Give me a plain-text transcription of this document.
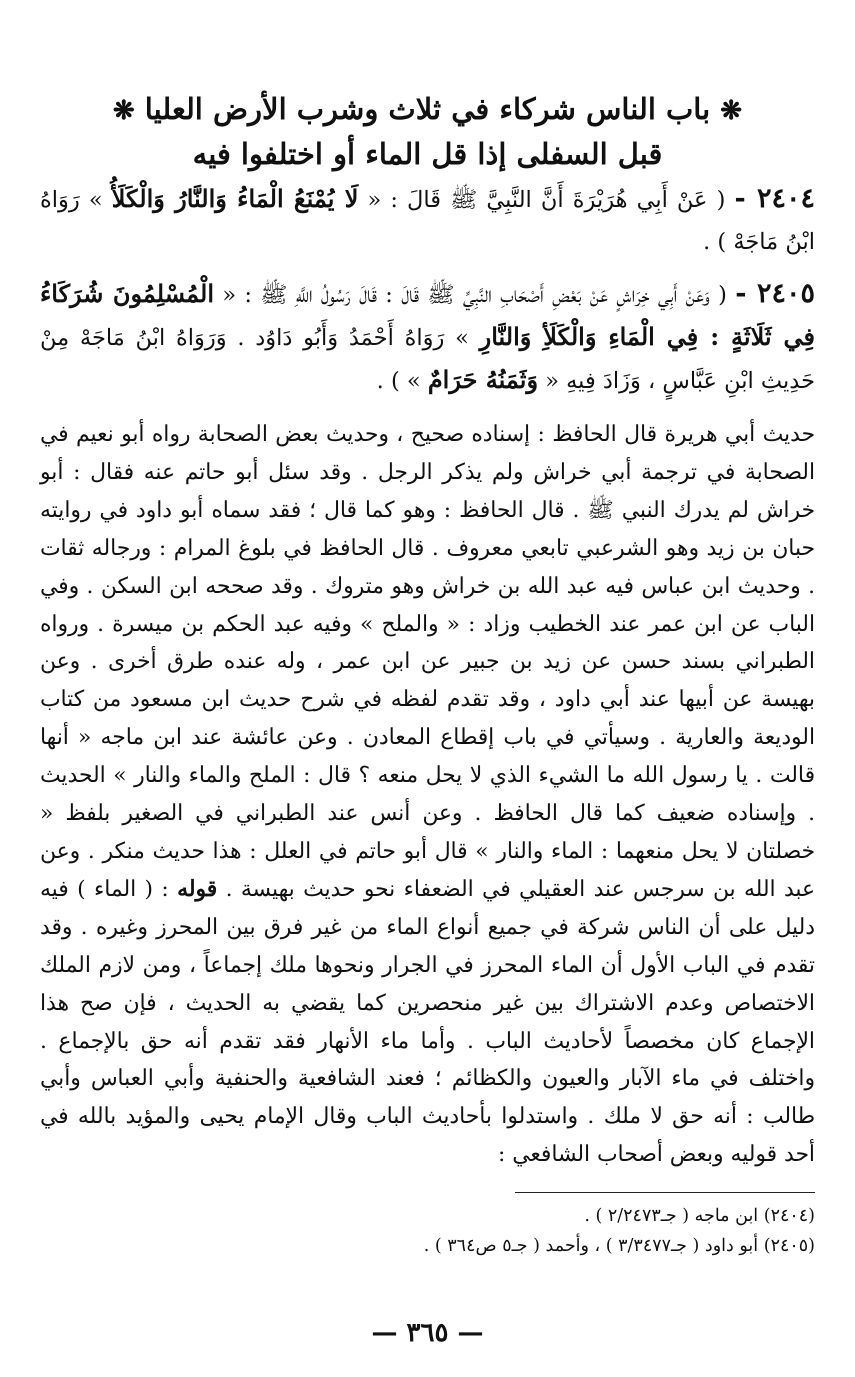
❋ باب الناس شركاء في ثلاث وشرب الأرض العليا ❋
قبل السفلى إذا قل الماء أو اختلفوا فيه

٢٤٠٤ - ( عَنْ أَبِي هُرَيْرَةَ أَنَّ النَّبِيَّ ﷺ قَالَ : « لَا يُمْنَعُ الْمَاءُ وَالنَّارُ وَالْكَلَأُ » رَوَاهُ ابْنُ مَاجَهْ ) .

٢٤٠٥ - ( وَعَنْ أَبِي خِرَاشٍ عَنْ بَعْضِ أَصْحَابِ النَّبِيِّ ﷺ قَالَ : قَالَ رَسُولُ اللَّهِ ﷺ : « الْمُسْلِمُونَ شُرَكَاءُ فِي ثَلَاثَةٍ : فِي الْمَاءِ وَالْكَلَأِ وَالنَّارِ » رَوَاهُ أَحْمَدُ وَأَبُو دَاوُد . وَرَوَاهُ ابْنُ مَاجَهْ مِنْ حَدِيثِ ابْنِ عَبَّاسٍ ، وَزَادَ فِيهِ « وَثَمَنُهُ حَرَامٌ » ) .

حديث أبي هريرة قال الحافظ : إسناده صحيح ، وحديث بعض الصحابة رواه أبو نعيم في الصحابة في ترجمة أبي خراش ولم يذكر الرجل . وقد سئل أبو حاتم عنه فقال : أبو خراش لم يدرك النبي ﷺ . قال الحافظ : وهو كما قال ؛ فقد سماه أبو داود في روايته حبان بن زيد وهو الشرعبي تابعي معروف . قال الحافظ في بلوغ المرام : ورجاله ثقات . وحديث ابن عباس فيه عبد الله بن خراش وهو متروك . وقد صححه ابن السكن . وفي الباب عن ابن عمر عند الخطيب وزاد : « والملح » وفيه عبد الحكم بن ميسرة . ورواه الطبراني بسند حسن عن زيد بن جبير عن ابن عمر ، وله عنده طرق أخرى . وعن بهيسة عن أبيها عند أبي داود ، وقد تقدم لفظه في شرح حديث ابن مسعود من كتاب الوديعة والعارية . وسيأتي في باب إقطاع المعادن . وعن عائشة عند ابن ماجه « أنها قالت . يا رسول الله ما الشيء الذي لا يحل منعه ؟ قال : الملح والماء والنار » الحديث . وإسناده ضعيف كما قال الحافظ . وعن أنس عند الطبراني في الصغير بلفظ « خصلتان لا يحل منعهما : الماء والنار » قال أبو حاتم في العلل : هذا حديث منكر . وعن عبد الله بن سرجس عند العقيلي في الضعفاء نحو حديث بهيسة . قوله : ( الماء ) فيه دليل على أن الناس شركة في جميع أنواع الماء من غير فرق بين المحرز وغيره . وقد تقدم في الباب الأول أن الماء المحرز في الجرار ونحوها ملك إجماعاً ، ومن لازم الملك الاختصاص وعدم الاشتراك بين غير منحصرين كما يقضي به الحديث ، فإن صح هذا الإجماع كان مخصصاً لأحاديث الباب . وأما ماء الأنهار فقد تقدم أنه حق بالإجماع . واختلف في ماء الآبار والعيون والكظائم ؛ فعند الشافعية والحنفية وأبي العباس وأبي طالب : أنه حق لا ملك . واستدلوا بأحاديث الباب وقال الإمام يحيى والمؤيد بالله في أحد قوليه وبعض أصحاب الشافعي :

(٢٤٠٤) ابن ماجه ( جـ٢/٢٤٧٣ ) .
(٢٤٠٥) أبو داود ( جـ٣/٣٤٧٧ ) ، وأحمد ( جـ٥ ص٣٦٤ ) .
— ٣٦٥ —
